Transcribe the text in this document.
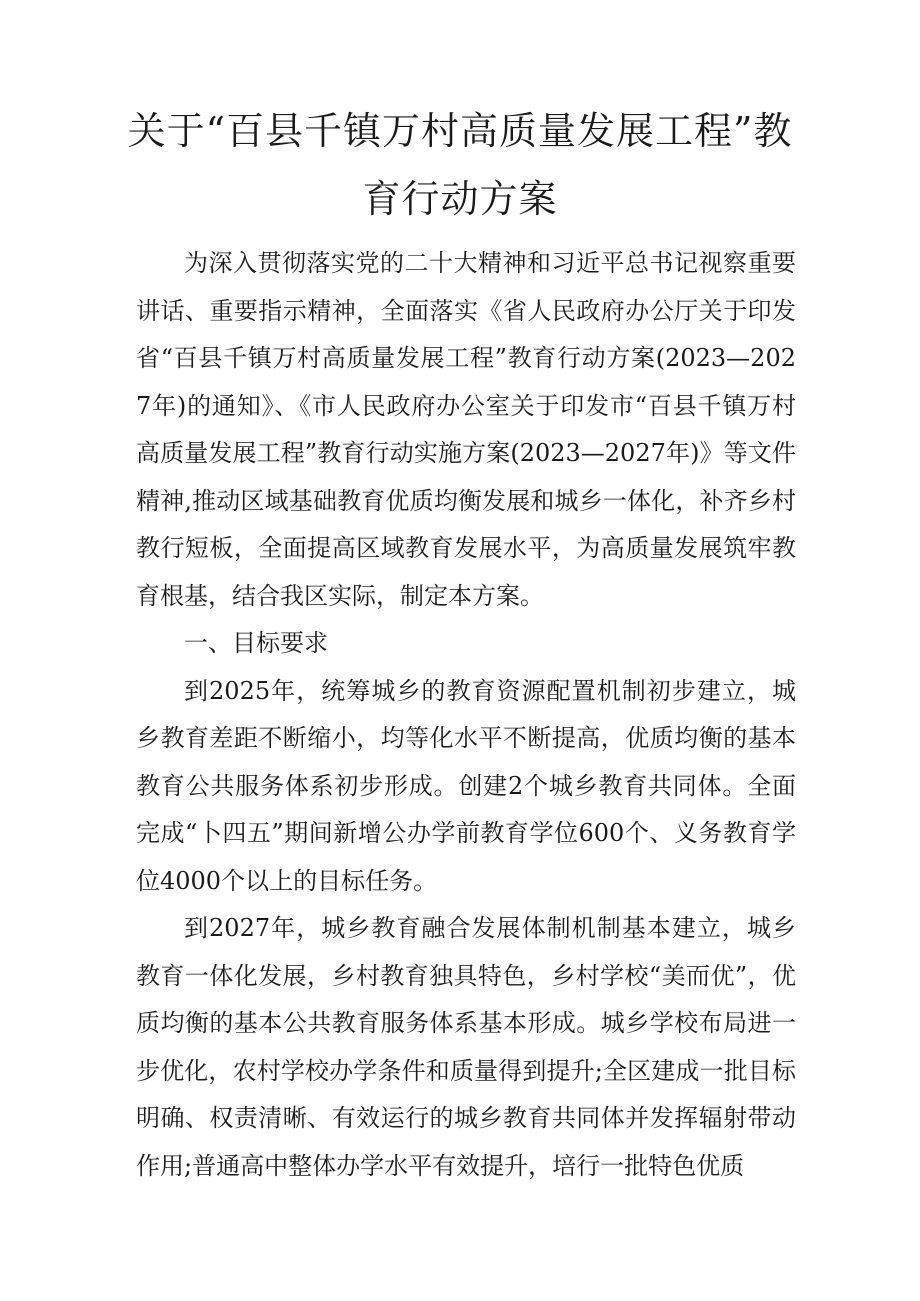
关于“百县千镇万村高质量发展工程”教
育行动方案

为深入贯彻落实党的二十大精神和习近平总书记视察重要讲话、重要指示精神，全面落实《省人民政府办公厅关于印发省“百县千镇万村高质量发展工程”教育行动方案(2023—2027年)的通知》、《市人民政府办公室关于印发市“百县千镇万村高质量发展工程”教育行动实施方案(2023—2027年)》等文件精神,推动区域基础教育优质均衡发展和城乡一体化，补齐乡村教行短板，全面提高区域教育发展水平，为高质量发展筑牢教育根基，结合我区实际，制定本方案。

一、目标要求

到2025年，统筹城乡的教育资源配置机制初步建立，城乡教育差距不断缩小，均等化水平不断提高，优质均衡的基本教育公共服务体系初步形成。创建2个城乡教育共同体。全面完成“卜四五”期间新增公办学前教育学位600个、义务教育学位4000个以上的目标任务。

到2027年，城乡教育融合发展体制机制基本建立，城乡教育一体化发展，乡村教育独具特色，乡村学校“美而优”，优质均衡的基本公共教育服务体系基本形成。城乡学校布局进一步优化，农村学校办学条件和质量得到提升;全区建成一批目标明确、权责清晰、有效运行的城乡教育共同体并发挥辐射带动作用;普通高中整体办学水平有效提升，培行一批特色优质
